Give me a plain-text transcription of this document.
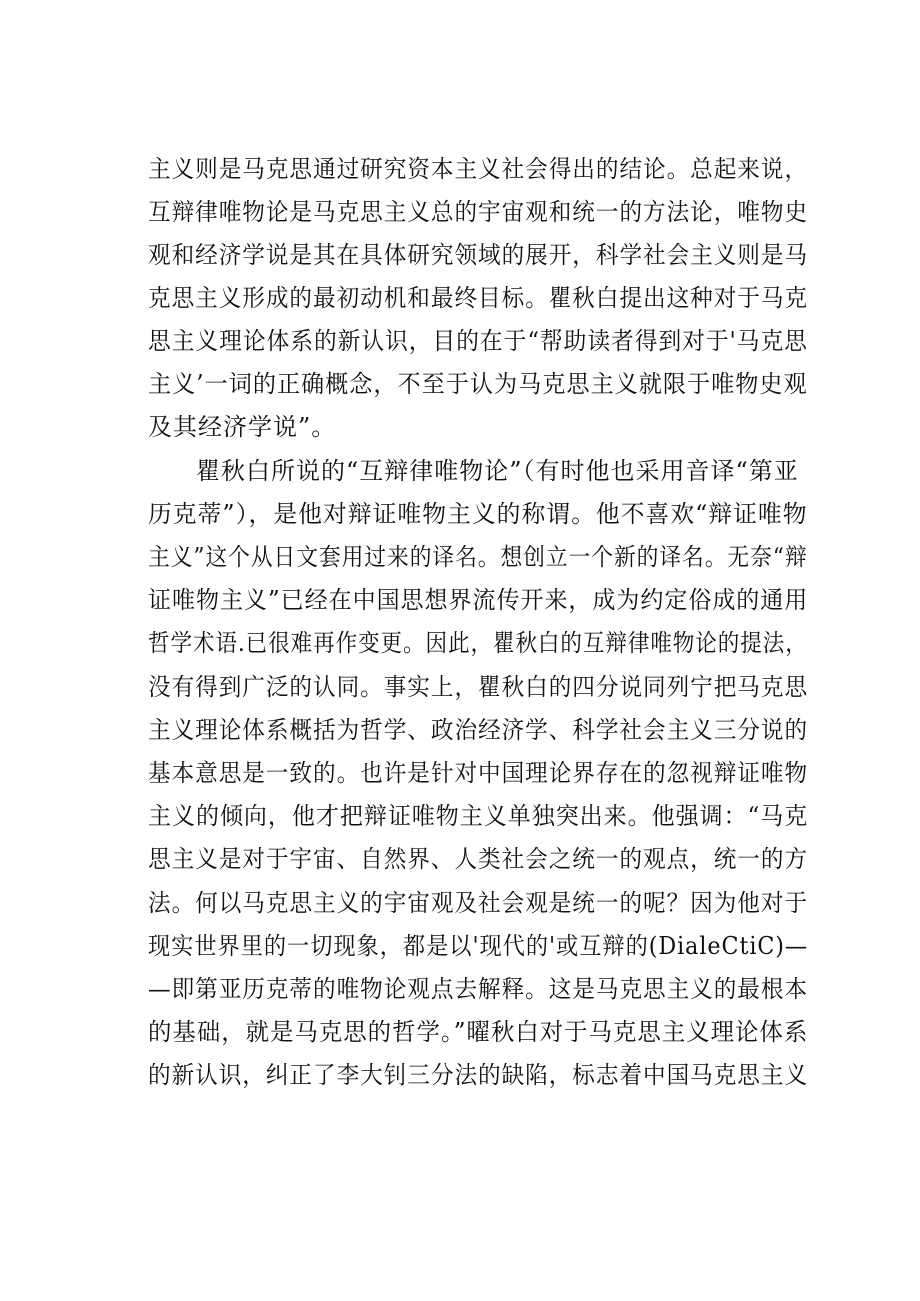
主义则是马克思通过研究资本主义社会得出的结论。总起来说，
互辩律唯物论是马克思主义总的宇宙观和统一的方法论，唯物史
观和经济学说是其在具体研究领域的展开，科学社会主义则是马
克思主义形成的最初动机和最终目标。瞿秋白提出这种对于马克
思主义理论体系的新认识，目的在于“帮助读者得到对于'马克思
主义’一词的正确概念，不至于认为马克思主义就限于唯物史观
及其经济学说”。
瞿秋白所说的“互辩律唯物论”（有时他也采用音译“第亚
历克蒂”），是他对辩证唯物主义的称谓。他不喜欢“辩证唯物
主义”这个从日文套用过来的译名。想创立一个新的译名。无奈“辩
证唯物主义”已经在中国思想界流传开来，成为约定俗成的通用
哲学术语.已很难再作变更。因此，瞿秋白的互辩律唯物论的提法，
没有得到广泛的认同。事实上，瞿秋白的四分说同列宁把马克思
主义理论体系概括为哲学、政治经济学、科学社会主义三分说的
基本意思是一致的。也许是针对中国理论界存在的忽视辩证唯物
主义的倾向，他才把辩证唯物主义单独突出来。他强调：“马克
思主义是对于宇宙、自然界、人类社会之统一的观点，统一的方
法。何以马克思主义的宇宙观及社会观是统一的呢？因为他对于
现实世界里的一切现象，都是以'现代的'或互辩的(DialeCtiC)—
—即第亚历克蒂的唯物论观点去解释。这是马克思主义的最根本
的基础，就是马克思的哲学。”曜秋白对于马克思主义理论体系
的新认识，纠正了李大钊三分法的缺陷，标志着中国马克思主义
